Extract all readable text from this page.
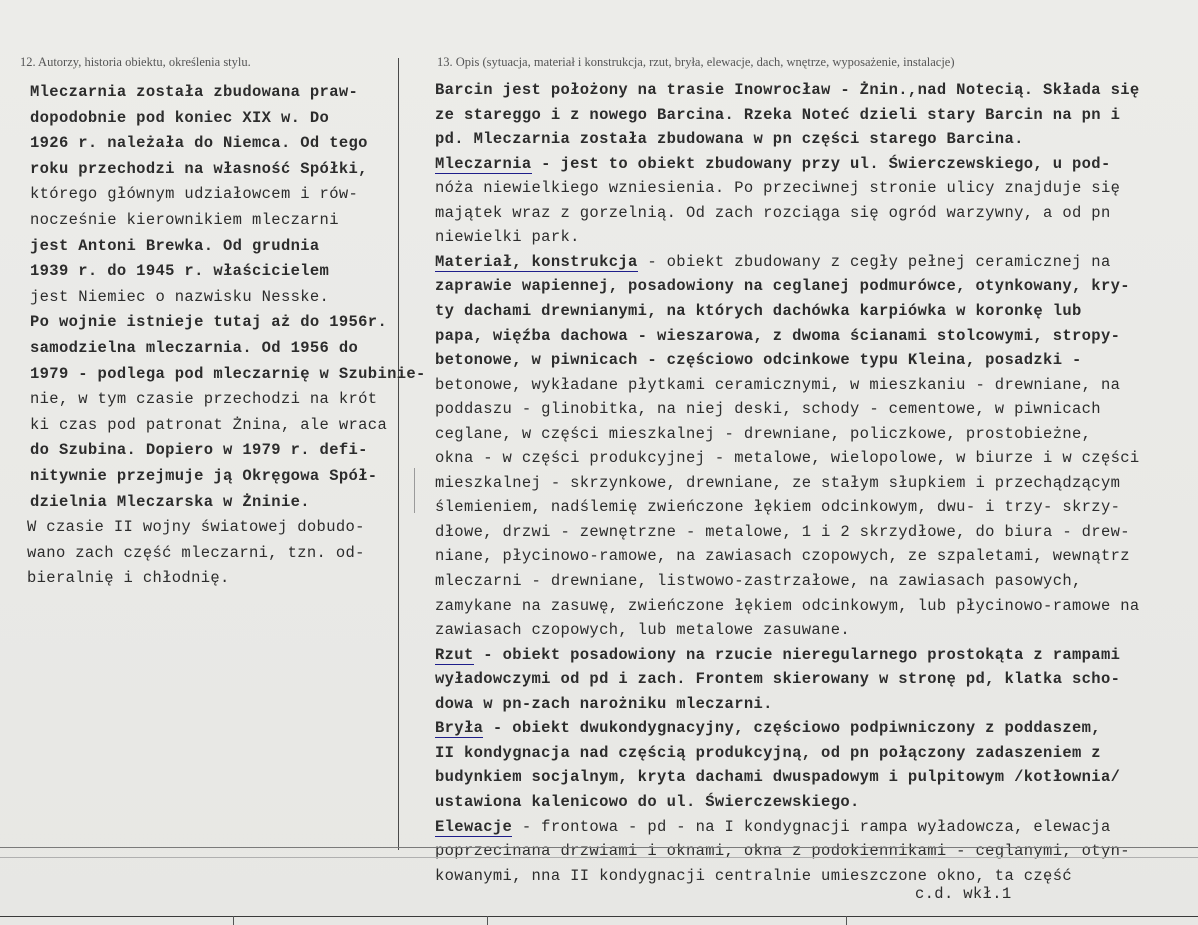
12. Autorzy, historia obiektu, określenia stylu.	13. Opis (sytuacja, materiał i konstrukcja, rzut, bryła, elewacje, dach, wnętrze, wyposażenie, instalacje)
Mleczarnia została zbudowana praw-
dopodobnie pod koniec XIX w. Do
1926 r. należała do Niemca. Od tego
roku przechodzi na własność Spółki,
którego głównym udziałowcem i rów-
nocześnie kierownikiem mleczarni
jest Antoni Brewka. Od grudnia
1939 r. do 1945 r. właścicielem
jest Niemiec o nazwisku Nesske.
Po wojnie istnieje tutaj aż do 1956r.
samodzielna mleczarnia. Od 1956 do
1979 - podlega pod mleczarnię w Szubinie-
nie, w tym czasie przechodzi na krót
ki czas pod patronat Żnina, ale wraca
do Szubina. Dopiero w 1979 r. defi-
nitywnie przejmuje ją Okręgowa Spół-
dzielnia Mleczarska w Żninie.
W czasie II wojny światowej dobudo-
wano zach część mleczarni, tzn. od-
bieralnię i chłodnię.
Barcin jest położony na trasie Inowrocław - Żnin.,nad Notecią. Składa się
ze stareggo i z nowego Barcina. Rzeka Noteć dzieli stary Barcin na pn i
pd. Mleczarnia została zbudowana w pn części starego Barcina.
Mleczarnia - jest to obiekt zbudowany przy ul. Świerczewskiego, u pod-
nóża niewielkiego wzniesienia. Po przeciwnej stronie ulicy znajduje się
majątek wraz z gorzelnią. Od zach rozciąga się ogród warzywny, a od pn
niewielki park.
Materiał, konstrukcja - obiekt zbudowany z cegły pełnej ceramicznej na
zaprawie wapiennej, posadowiony na ceglanej podmurówce, otynkowany, kry-
ty dachami drewnianymi, na których dachówka karpiówka w koronkę lub
papa, więźba dachowa - wieszarowa, z dwoma ścianami stolcowymi, stropy-
betonowe, w piwnicach - częściowo odcinkowe typu Kleina, posadzki -
betonowe, wykładane płytkami ceramicznymi, w mieszkaniu - drewniane, na
poddaszu - glinobitka, na niej deski, schody - cementowe, w piwnicach
ceglane, w części mieszkalnej - drewniane, policzkowe, prostobieżne,
okna - w części produkcyjnej - metalowe, wielopolowe, w biurze i w części
mieszkalnej - skrzynkowe, drewniane, ze stałym słupkiem i przechądzącym
ślemieniem, nadślemię zwieńczone łękiem odcinkowym, dwu- i trzy- skrzy-
dłowe, drzwi - zewnętrzne - metalowe, 1 i 2 skrzydłowe, do biura - drew-
niane, płycinowo-ramowe, na zawiasach czopowych, ze szpaletami, wewnątrz
mleczarni - drewniane, listwowo-zastrzałowe, na zawiasach pasowych,
zamykane na zasuwę, zwieńczone łękiem odcinkowym, lub płycinowo-ramowe na
zawiasach czopowych, lub metalowe zasuwane.
Rzut - obiekt posadowiony na rzucie nieregularnego prostokąta z rampami
wyładowczymi od pd i zach. Frontem skierowany w stronę pd, klatka scho-
dowa w pn-zach narożniku mleczarni.
Bryła - obiekt dwukondygnacyjny, częściowo podpiwniczony z poddaszem,
II kondygnacja nad częścią produkcyjną, od pn połączony zadaszeniem z
budynkiem socjalnym, kryta dachami dwuspadowym i pulpitowym /kotłownia/
ustawiona kalenicowo do ul. Świerczewskiego.
Elewacje - frontowa - pd - na I kondygnacji rampa wyładowcza, elewacja
poprzecinana drzwiami i oknami, okna z podokiennikami - ceglanymi, otyn-
kowanymi, nna II kondygnacji centralnie umieszczone okno, ta część
c.d. wkł.1
